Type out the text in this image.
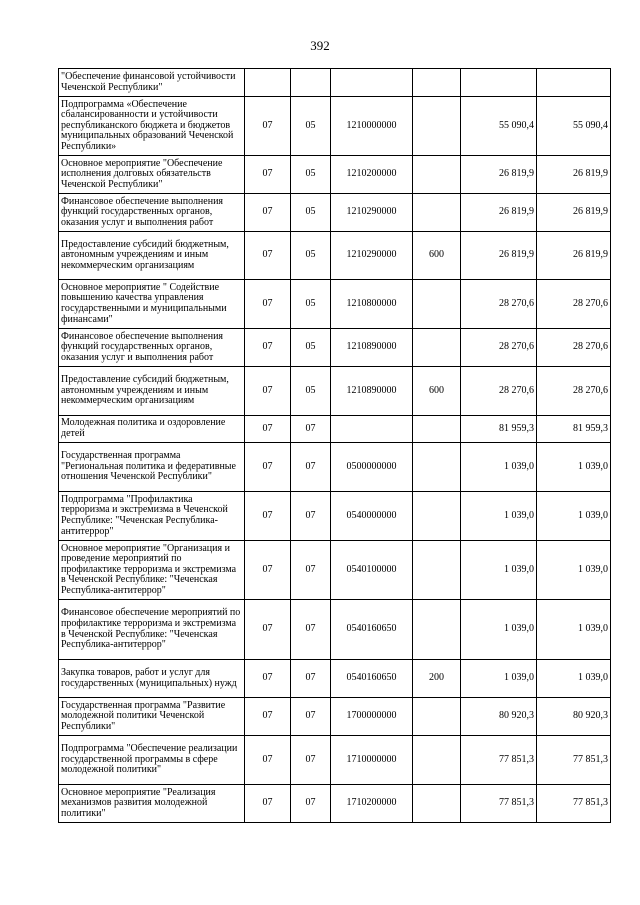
392
"Обеспечение финансовой устойчивости Чеченской Республики"						
Подпрограмма «Обеспечение сбалансированности и устойчивости республиканского бюджета и бюджетов муниципальных образований Чеченской Республики»	07	05	1210000000		55 090,4	55 090,4
Основное мероприятие "Обеспечение исполнения долговых обязательств Чеченской Республики"	07	05	1210200000		26 819,9	26 819,9
Финансовое обеспечение выполнения функций государственных органов, оказания услуг и выполнения работ	07	05	1210290000		26 819,9	26 819,9
Предоставление субсидий бюджетным, автономным учреждениям и иным некоммерческим организациям	07	05	1210290000	600	26 819,9	26 819,9
Основное мероприятие " Содействие повышению качества управления государственными и муниципальными финансами"	07	05	1210800000		28 270,6	28 270,6
Финансовое обеспечение выполнения функций государственных органов, оказания услуг и выполнения работ	07	05	1210890000		28 270,6	28 270,6
Предоставление субсидий бюджетным, автономным учреждениям и иным некоммерческим организациям	07	05	1210890000	600	28 270,6	28 270,6
Молодежная политика и оздоровление детей	07	07			81 959,3	81 959,3
Государственная программа "Региональная политика и федеративные отношения Чеченской Республики"	07	07	0500000000		1 039,0	1 039,0
Подпрограмма "Профилактика терроризма и экстремизма в Чеченской Республике: "Чеченская Республика-антитеррор"	07	07	0540000000		1 039,0	1 039,0
Основное мероприятие "Организация и проведение мероприятий по профилактике терроризма и экстремизма в Чеченской Республике: "Чеченская Республика-антитеррор"	07	07	0540100000		1 039,0	1 039,0
Финансовое обеспечение мероприятий по профилактике терроризма и экстремизма в Чеченской Республике: "Чеченская Республика-антитеррор"	07	07	0540160650		1 039,0	1 039,0
Закупка товаров, работ и услуг для государственных (муниципальных) нужд	07	07	0540160650	200	1 039,0	1 039,0
Государственная программа "Развитие молодежной политики Чеченской Республики"	07	07	1700000000		80 920,3	80 920,3
Подпрограмма "Обеспечение реализации государственной программы в сфере молодежной политики"	07	07	1710000000		77 851,3	77 851,3
Основное мероприятие "Реализация механизмов развития молодежной политики"	07	07	1710200000		77 851,3	77 851,3
